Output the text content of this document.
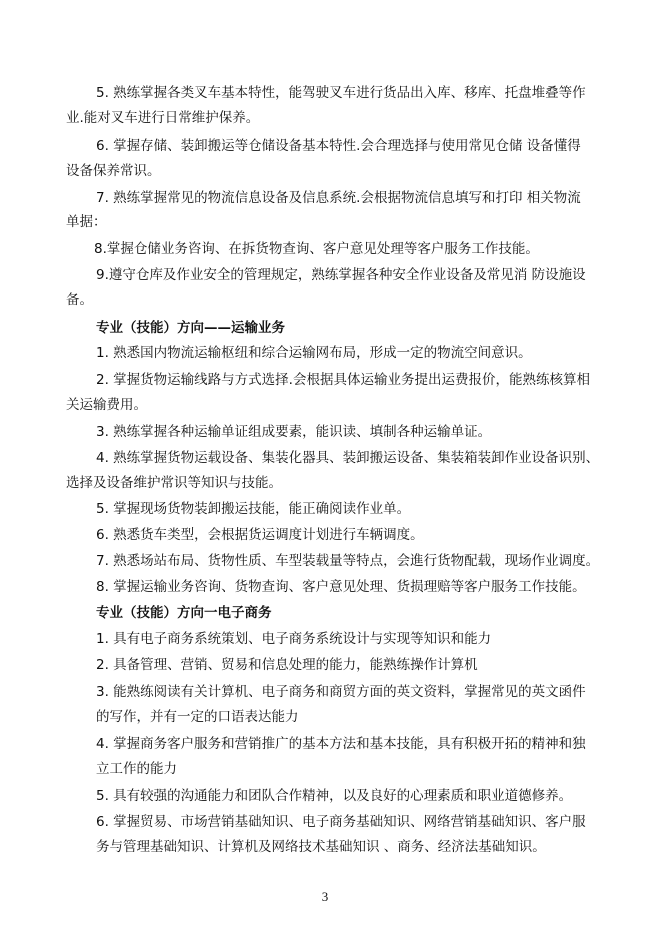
5. 熟练掌握各类叉车基本特性，能驾驶叉车进行货品出入库、移库、托盘堆叠等作
业.能对叉车进行日常维护保养。
6. 掌握存储、装卸搬运等仓储设备基本特性.会合理选择与使用常见仓储 设备懂得
设备保养常识。
7. 熟练掌握常见的物流信息设备及信息系统.会根据物流信息填写和打印 相关物流
单据：
8.掌握仓储业务咨询、在拆货物查询、客户意见处理等客户服务工作技能。
9.遵守仓库及作业安全的管理规定，熟练掌握各种安全作业设备及常见消 防设施设
备。
专业（技能）方向——运输业务
1. 熟悉国内物流运输枢纽和综合运输网布局，形成一定的物流空间意识。
2. 掌握货物运输线路与方式选择.会根据具体运输业务提出运费报价，能熟练核算相
关运输费用。
3. 熟练掌握各种运输单证组成要素，能识读、填制各种运输单证。
4. 熟练掌握货物运载设备、集装化器具、装卸搬运设备、集装箱装卸作业设备识别、
选择及设备维护常识等知识与技能。
5. 掌握现场货物装卸搬运技能，能正确阅读作业单。
6. 熟悉货车类型，会根据货运调度计划进行车辆调度。
7. 熟悉场站布局、货物性质、车型装载量等特点，会進行货物配载，现场作业调度。
8. 掌握运输业务咨询、货物查询、客户意见处理、货损理赔等客户服务工作技能。
专业（技能）方向一电子商务
1. 具有电子商务系统策划、电子商务系统设计与实现等知识和能力
2. 具备管理、营销、贸易和信息处理的能力，能熟练操作计算机
3. 能熟练阅读有关计算机、电子商务和商贸方面的英文资料，掌握常见的英文函件
的写作，并有一定的口语表达能力
4. 掌握商务客户服务和营销推广的基本方法和基本技能，具有积极开拓的精神和独
立工作的能力
5. 具有较强的沟通能力和团队合作精神，以及良好的心理素质和职业道德修养。
6. 掌握贸易、市场营销基础知识、电子商务基础知识、网络营销基础知识、客户服
务与管理基础知识、计算机及网络技术基础知识 、商务、经济法基础知识。
3
